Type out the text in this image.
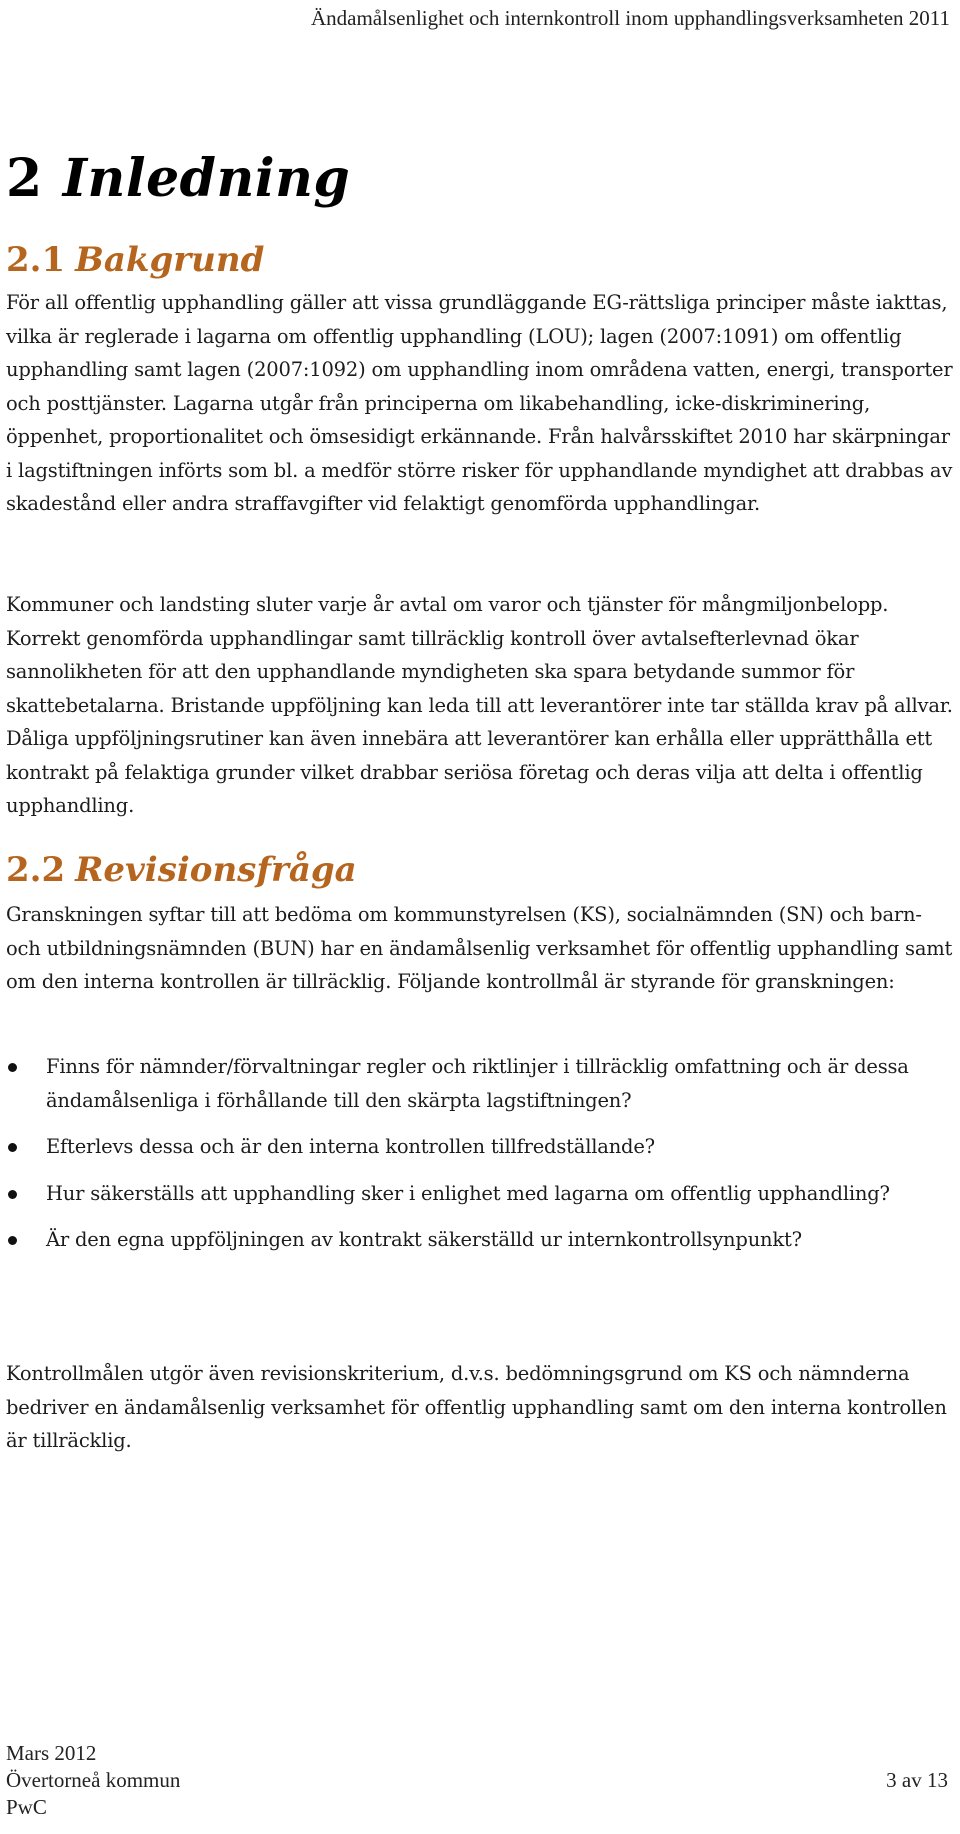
Ändamålsenlighet och internkontroll inom upphandlingsverksamheten 2011
2 Inledning
2.1 Bakgrund

För all offentlig upphandling gäller att vissa grundläggande EG-rättsliga principer måste iakttas, vilka är reglerade i lagarna om offentlig upphandling (LOU); lagen (2007:1091) om offentlig upphandling samt lagen (2007:1092) om upphandling inom områdena vatten, energi, transporter och posttjänster. Lagarna utgår från principerna om likabehandling, icke-diskriminering, öppenhet, proportionalitet och ömsesidigt erkännande. Från halvårsskiftet 2010 har skärpningar i lagstiftningen införts som bl. a medför större risker för upphandlande myndighet att drabbas av skadestånd eller andra straffavgifter vid felaktigt genomförda upphandlingar.

Kommuner och landsting sluter varje år avtal om varor och tjänster för mångmiljonbelopp. Korrekt genomförda upphandlingar samt tillräcklig kontroll över avtalsefterlevnad ökar sannolikheten för att den upphandlande myndigheten ska spara betydande summor för skattebetalarna. Bristande uppföljning kan leda till att leverantörer inte tar ställda krav på allvar. Dåliga uppföljningsrutiner kan även innebära att leverantörer kan erhålla eller upprätthålla ett kontrakt på felaktiga grunder vilket drabbar seriösa företag och deras vilja att delta i offentlig upphandling.

2.2 Revisionsfråga

Granskningen syftar till att bedöma om kommunstyrelsen (KS), socialnämnden (SN) och barn- och utbildningsnämnden (BUN) har en ändamålsenlig verksamhet för offentlig upphandling samt om den interna kontrollen är tillräcklig. Följande kontrollmål är styrande för granskningen:

Finns för nämnder/förvaltningar regler och riktlinjer i tillräcklig omfattning och är dessa ändamålsenliga i förhållande till den skärpta lagstiftningen?
Efterlevs dessa och är den interna kontrollen tillfredställande?
Hur säkerställs att upphandling sker i enlighet med lagarna om offentlig upphandling?
Är den egna uppföljningen av kontrakt säkerställd ur internkontrollsynpunkt?

Kontrollmålen utgör även revisionskriterium, d.v.s. bedömningsgrund om KS och nämnderna bedriver en ändamålsenlig verksamhet för offentlig upphandling samt om den interna kontrollen är tillräcklig.

Mars 2012
Övertorneå kommun
PwC
3 av 13
